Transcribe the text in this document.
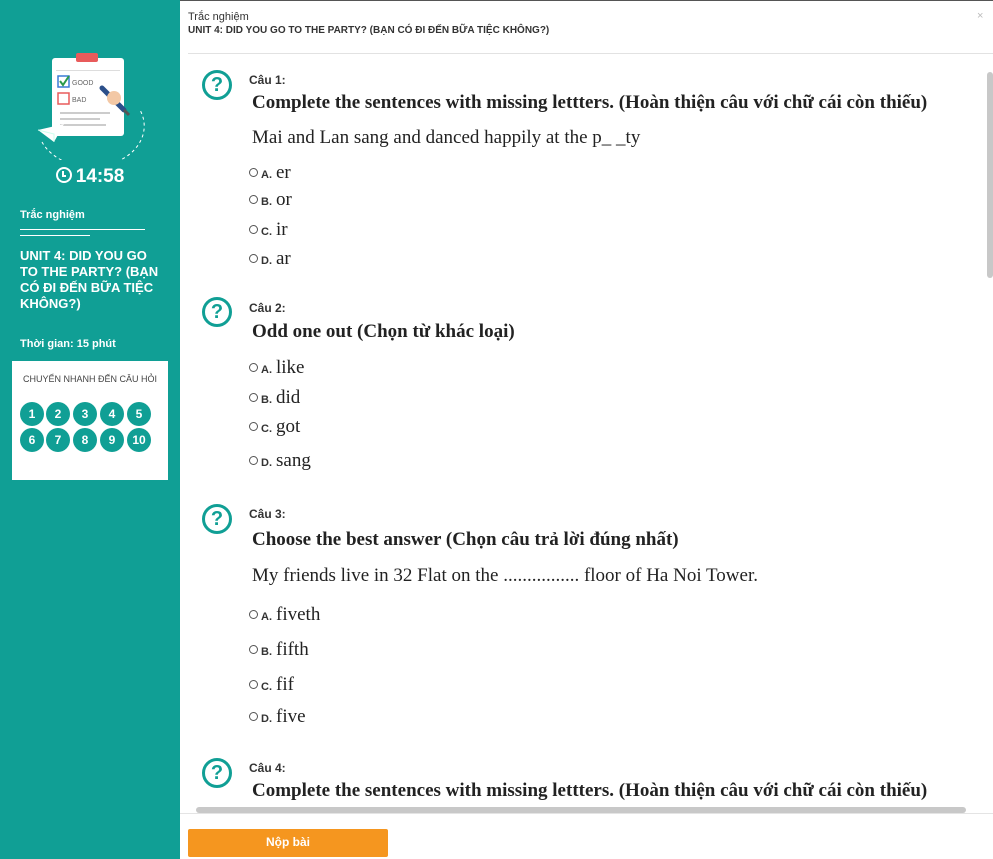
GOOD
BAD
14:58
Trắc nghiệm
UNIT 4: DID YOU GO TO THE PARTY? (BẠN CÓ ĐI ĐẾN BỮA TIỆC KHÔNG?)
Thời gian: 15 phút
CHUYỂN NHANH ĐẾN CÂU HỎI
1	2	3	4	5
6	7	8	9	10
Trắc nghiệm
UNIT 4: DID YOU GO TO THE PARTY? (BẠN CÓ ĐI ĐẾN BỮA TIỆC KHÔNG?)
×
?	Câu 1:
Complete the sentences with missing lettters. (Hoàn thiện câu với chữ cái còn thiếu)
Mai and Lan sang and danced happily at the p_ _ty
A. er
B. or
C. ir
D. ar
?	Câu 2:
Odd one out (Chọn từ khác loại)
A. like
B. did
C. got
D. sang
?	Câu 3:
Choose the best answer (Chọn câu trả lời đúng nhất)
My friends live in 32 Flat on the ................ floor of Ha Noi Tower.
A. fiveth
B. fifth
C. fif
D. five
?	Câu 4:
Complete the sentences with missing lettters. (Hoàn thiện câu với chữ cái còn thiếu)
Nộp bài
